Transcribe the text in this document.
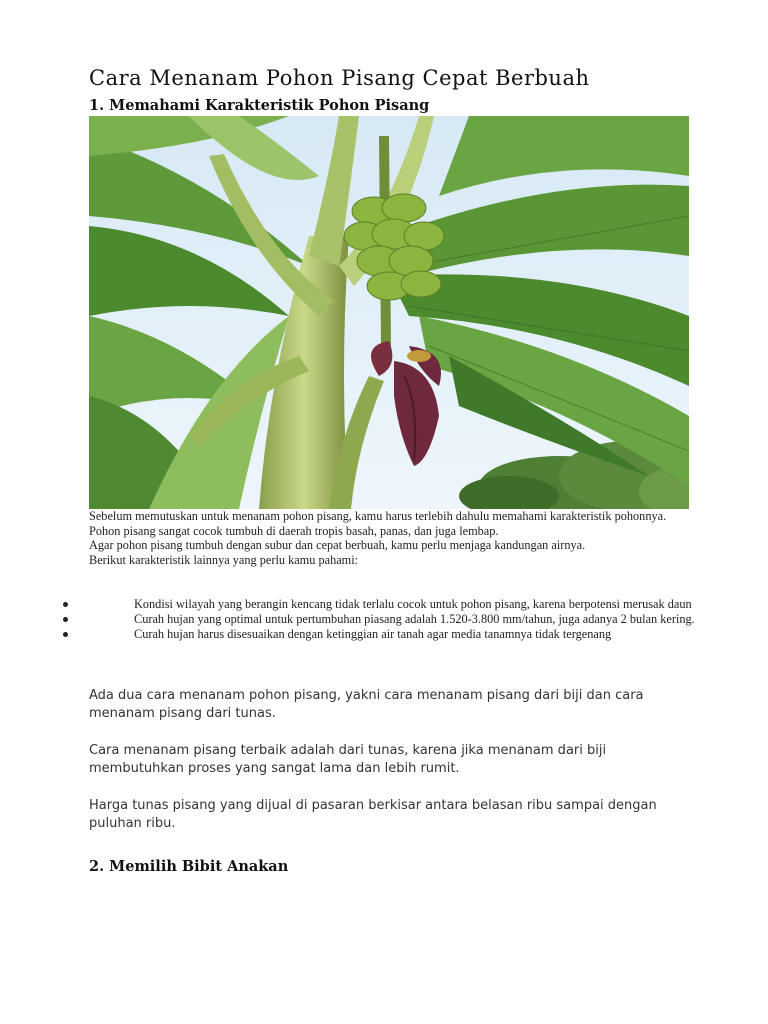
Cara Menanam Pohon Pisang Cepat Berbuah
1. Memahami Karakteristik Pohon Pisang

Sebelum memutuskan untuk menanam pohon pisang, kamu harus terlebih dahulu memahami karakteristik pohonnya.

Pohon pisang sangat cocok tumbuh di daerah tropis basah, panas, dan juga lembap.

Agar pohon pisang tumbuh dengan subur dan cepat berbuah, kamu perlu menjaga kandungan airnya.

Berikut karakteristik lainnya yang perlu kamu pahami:

Kondisi wilayah yang berangin kencang tidak terlalu cocok untuk pohon pisang, karena berpotensi merusak daun
Curah hujan yang optimal untuk pertumbuhan piasang adalah 1.520-3.800 mm/tahun, juga adanya 2 bulan kering.
Curah hujan harus disesuaikan dengan ketinggian air tanah agar media tanamnya tidak tergenang

Ada dua cara menanam pohon pisang, yakni cara menanam pisang dari biji dan cara menanam pisang dari tunas.

Cara menanam pisang terbaik adalah dari tunas, karena jika menanam dari biji membutuhkan proses yang sangat lama dan lebih rumit.

Harga tunas pisang yang dijual di pasaran berkisar antara belasan ribu sampai dengan puluhan ribu.

2. Memilih Bibit Anakan
